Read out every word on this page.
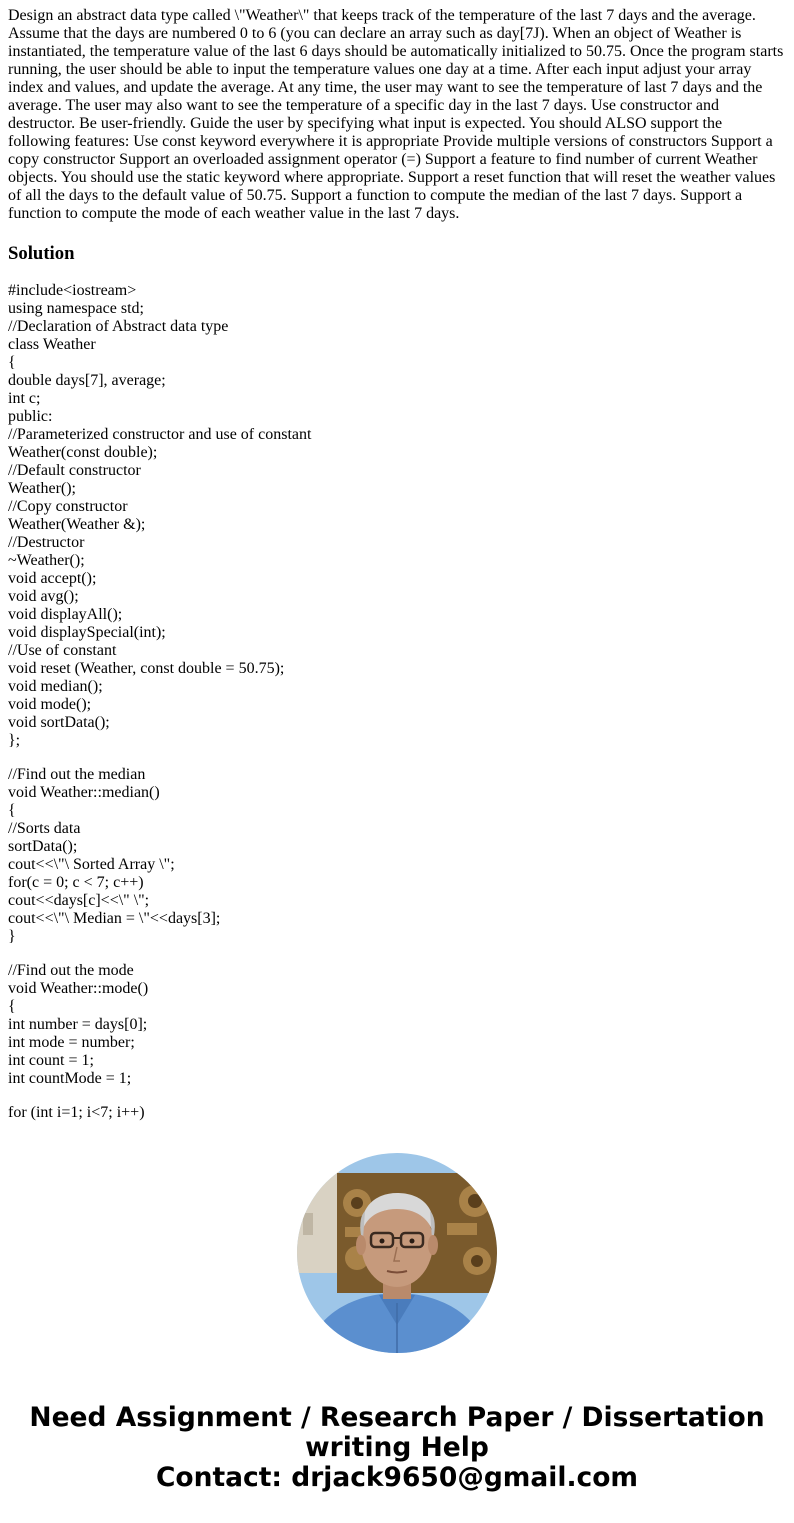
Design an abstract data type called \"Weather\" that keeps track of the temperature of the last 7 days and the average. Assume that the days are numbered 0 to 6 (you can declare an array such as day[7J). When an object of Weather is instantiated, the temperature value of the last 6 days should be automatically initialized to 50.75. Once the program starts running, the user should be able to input the temperature values one day at a time. After each input adjust your array index and values, and update the average. At any time, the user may want to see the temperature of last 7 days and the average. The user may also want to see the temperature of a specific day in the last 7 days. Use constructor and destructor. Be user-friendly. Guide the user by specifying what input is expected. You should ALSO support the following features: Use const keyword everywhere it is appropriate Provide multiple versions of constructors Support a copy constructor Support an overloaded assignment operator (=) Support a feature to find number of current Weather objects. You should use the static keyword where appropriate. Support a reset function that will reset the weather values of all the days to the default value of 50.75. Support a function to compute the median of the last 7 days. Support a function to compute the mode of each weather value in the last 7 days.

Solution
#include<iostream>
using namespace std;
//Declaration of Abstract data type
class Weather
{
double days[7], average;
int c;
public:
//Parameterized constructor and use of constant
Weather(const double);
//Default constructor
Weather();
//Copy constructor
Weather(Weather &);
//Destructor
~Weather();
void accept();
void avg();
void displayAll();
void displaySpecial(int);
//Use of constant
void reset (Weather, const double = 50.75);
void median();
void mode();
void sortData();
};
//Find out the median
void Weather::median()
{
//Sorts data
sortData();
cout<<\"\ Sorted Array \";
for(c = 0; c < 7; c++)
cout<<days[c]<<\" \";
cout<<\"\ Median = \"<<days[3];
}
//Find out the mode
void Weather::mode()
{
int number = days[0];
int mode = number;
int count = 1;
int countMode = 1;
for (int i=1; i<7; i++)
Need Assignment / Research Paper / Dissertation
writing Help
Contact: drjack9650@gmail.com
